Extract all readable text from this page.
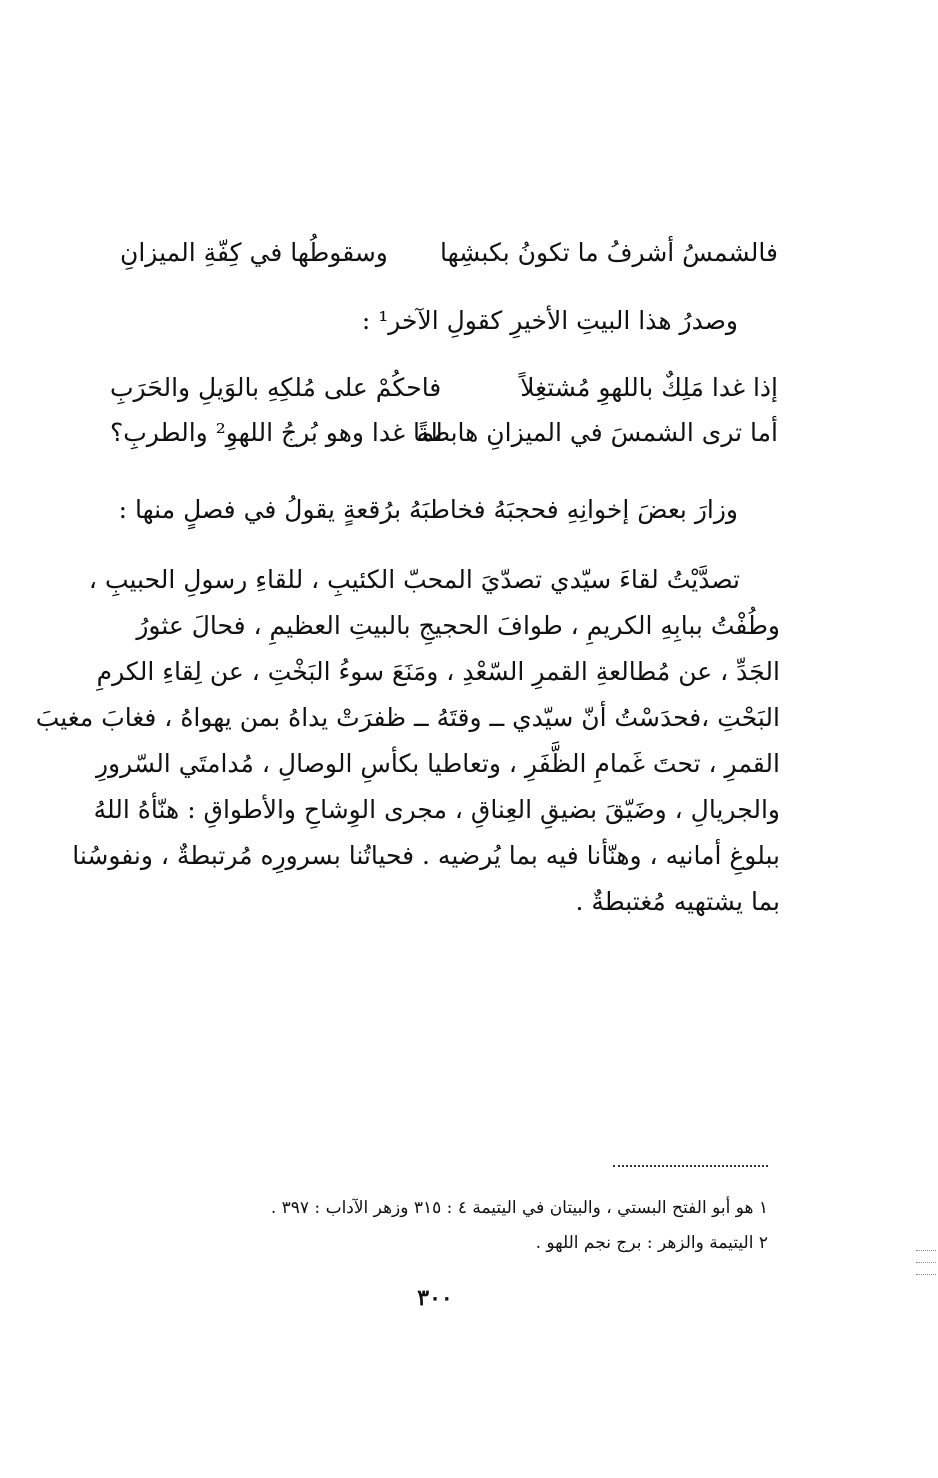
فالشمسُ أشرفُ ما تكونُ بكبشِها
وسقوطُها في كِفّةِ الميزانِ
وصدرُ هذا البيتِ الأخيرِ كقولِ الآخر¹ :
إذا غدا مَلِكٌ باللهوِ مُشتغِلاً
فاحكُمْ على مُلكِهِ بالوَيلِ والحَرَبِ
أما ترى الشمسَ في الميزانِ هابطةً
لما غدا وهو بُرجُ اللهوِ² والطربِ؟
وزارَ بعضَ إخوانِهِ فحجبَهُ فخاطبَهُ برُقعةٍ يقولُ في فصلٍ منها :
تصدَّيْتُ لقاءَ سيّدي تصدّيَ المحبّ الكئيبِ ، للقاءِ رسولِ الحبيبِ ،
وطُفْتُ ببابِهِ الكريمِ ، طوافَ الحجيجِ بالبيتِ العظيمِ ، فحالَ عثورُ
الجَدِّ ، عن مُطالعةِ القمرِ السّعْدِ ، ومَنَعَ سوءُ البَخْتِ ، عن لِقاءِ الكرمِ
البَحْتِ ،فحدَسْتُ أنّ سيّدي ــ وقتَهُ ــ ظفرَتْ يداهُ بمن يهواهُ ، فغابَ مغيبَ
القمرِ ، تحتَ غَمامِ الظَّفَرِ ، وتعاطيا بكأسِ الوصالِ ، مُدامتَي السّرورِ
والجريالِ ، وضَيّقَ بضيقِ العِناقِ ، مجرى الوِشاحِ والأطواقِ : هنّأهُ اللهُ
ببلوغِ أمانيه ، وهنّأنا فيه بما يُرضيه . فحياتُنا بسرورِه مُرتبطةٌ ، ونفوسُنا
بما يشتهيه مُغتبطةٌ .
١ هو أبو الفتح البستي ، والبيتان في اليتيمة ٤ : ٣١٥ وزهر الآداب : ٣٩٧ .
٢ اليتيمة والزهر : برج نجم اللهو .
٣٠٠
